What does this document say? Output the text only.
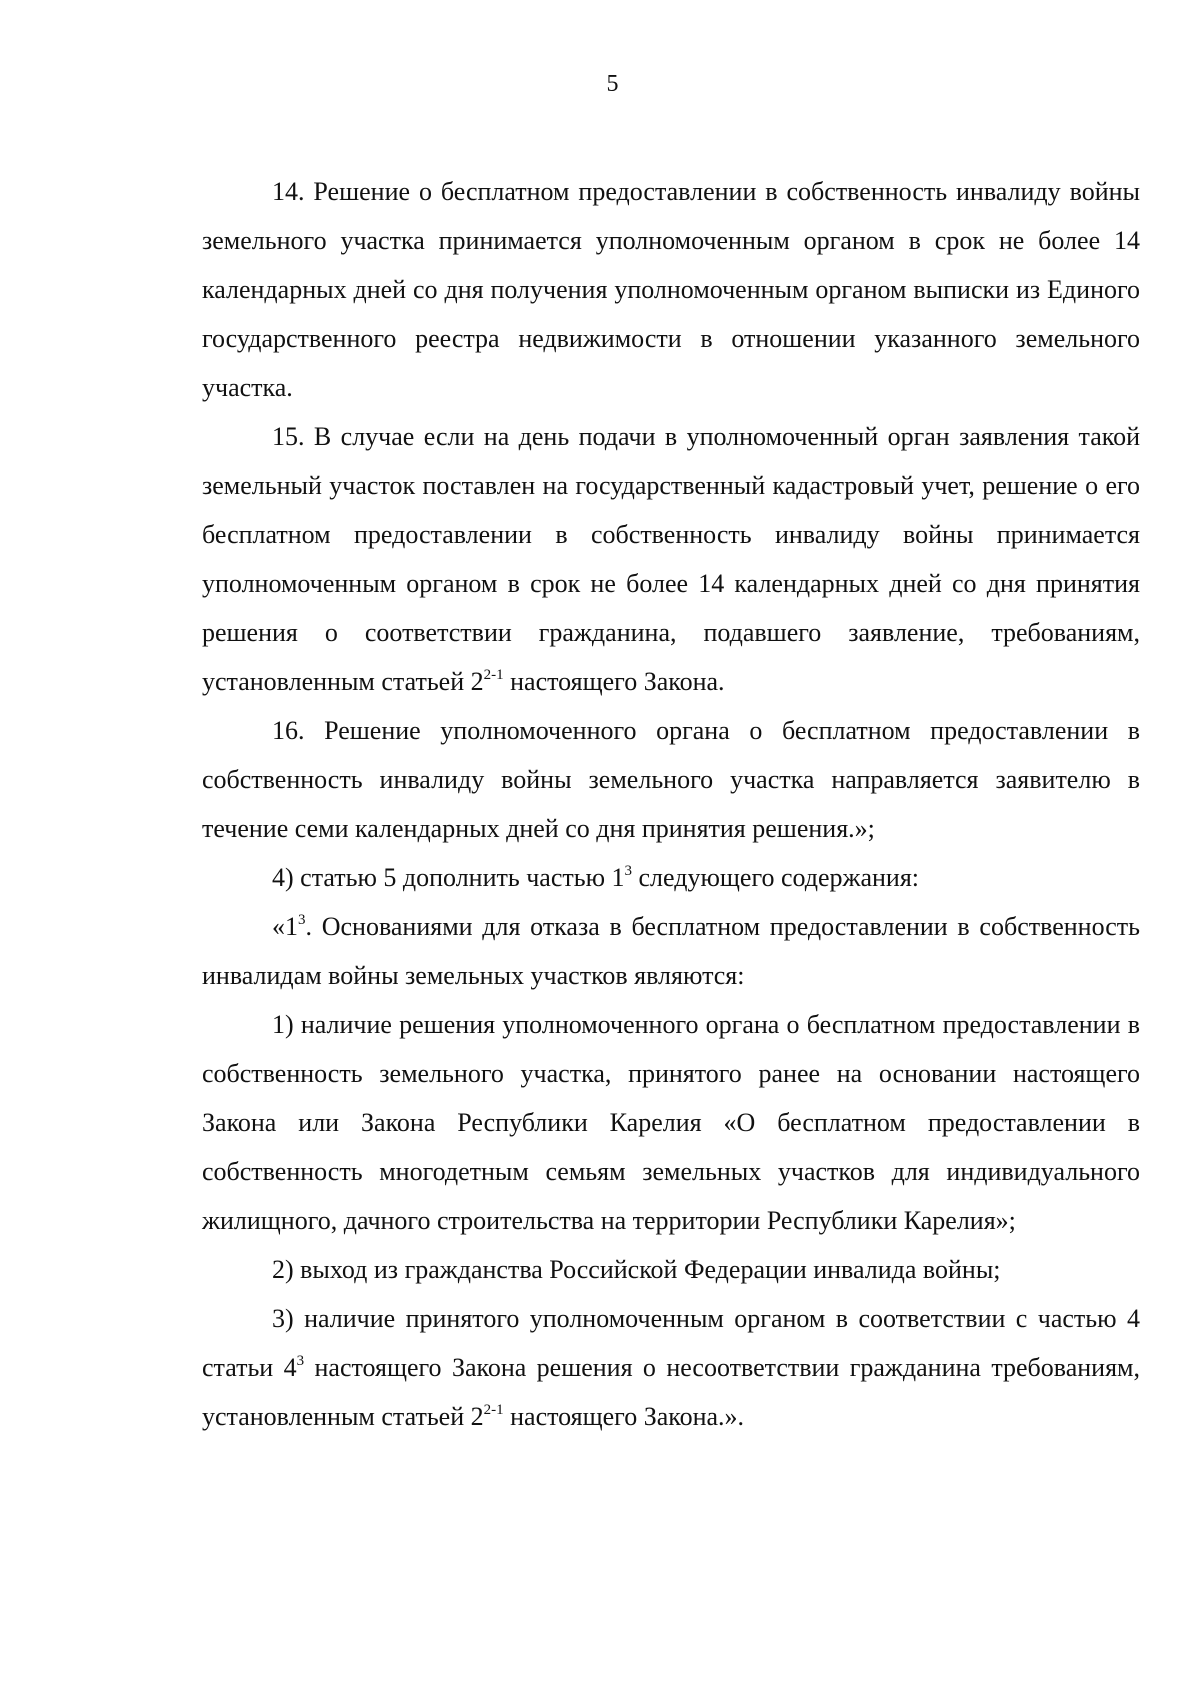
5

14. Решение о бесплатном предоставлении в собственность инвалиду войны земельного участка принимается уполномоченным органом в срок не более 14 календарных дней со дня получения уполномоченным органом выписки из Единого государственного реестра недвижимости в отношении указанного земельного участка.

15. В случае если на день подачи в уполномоченный орган заявления такой земельный участок поставлен на государственный кадастровый учет, решение о его бесплатном предоставлении в собственность инвалиду войны принимается уполномоченным органом в срок не более 14 календарных дней со дня принятия решения о соответствии гражданина, подавшего заявление, требованиям, установленным статьей 2$^{2-1}$ настоящего Закона.

16. Решение уполномоченного органа о бесплатном предоставлении в собственность инвалиду войны земельного участка направляется заявителю в течение семи календарных дней со дня принятия решения.»;

4) статью 5 дополнить частью $1^3$ следующего содержания:

«$1^3$. Основаниями для отказа в бесплатном предоставлении в собственность инвалидам войны земельных участков являются:

1) наличие решения уполномоченного органа о бесплатном предоставлении в собственность земельного участка, принятого ранее на основании настоящего Закона или Закона Республики Карелия «О бесплатном предоставлении в собственность многодетным семьям земельных участков для индивидуального жилищного, дачного строительства на территории Республики Карелия»;

2) выход из гражданства Российской Федерации инвалида войны;

3) наличие принятого уполномоченным органом в соответствии с частью 4 статьи $4^3$ настоящего Закона решения о несоответствии гражданина требованиям, установленным статьей 2$^{2-1}$ настоящего Закона.».
